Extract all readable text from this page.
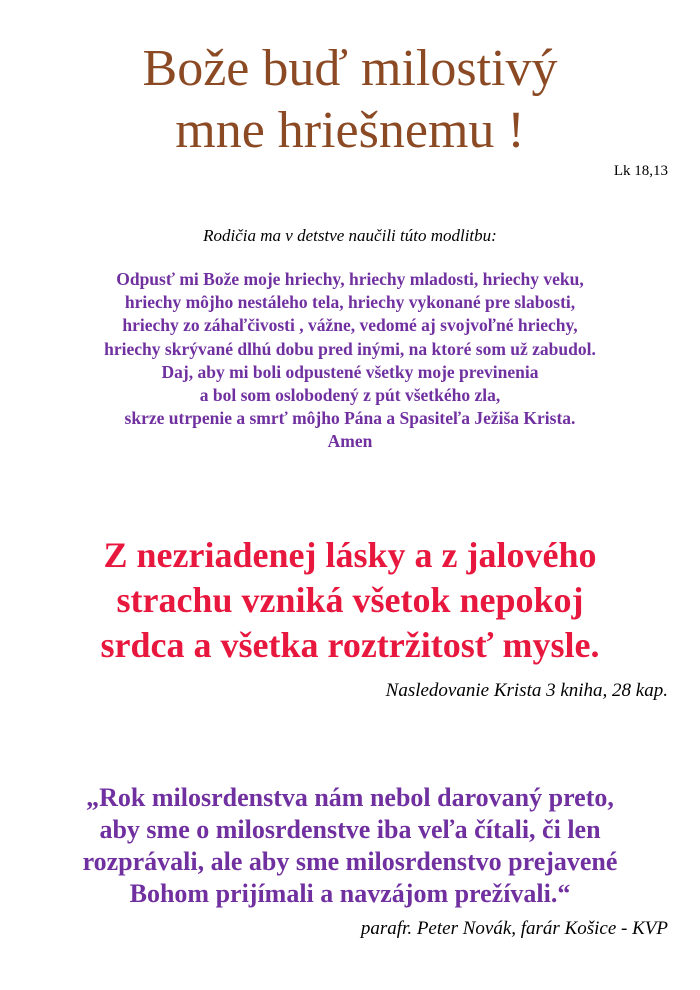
Bože buď milostivý
mne hriešnemu !
Lk 18,13
Rodičia ma v detstve naučili túto modlitbu:
Odpusť mi Bože moje hriechy, hriechy mladosti, hriechy veku,
hriechy môjho nestáleho tela, hriechy vykonané pre slabosti,
hriechy zo záhaľčivosti , vážne, vedomé aj svojvoľné hriechy,
hriechy skrývané dlhú dobu pred inými, na ktoré som už zabudol.
Daj, aby mi boli odpustené všetky moje previnenia
a bol som oslobodený z pút všetkého zla,
skrze utrpenie a smrť môjho Pána a Spasiteľa Ježiša Krista.
Amen
Z nezriadenej lásky a z jalového
strachu vzniká všetok nepokoj
srdca a všetka roztržitosť mysle.
Nasledovanie Krista 3 kniha, 28 kap.
„Rok milosrdenstva nám nebol darovaný preto,
aby sme o milosrdenstve iba veľa čítali, či len
rozprávali, ale aby sme milosrdenstvo prejavené
Bohom prijímali a navzájom prežívali.“
parafr. Peter Novák, farár Košice - KVP
